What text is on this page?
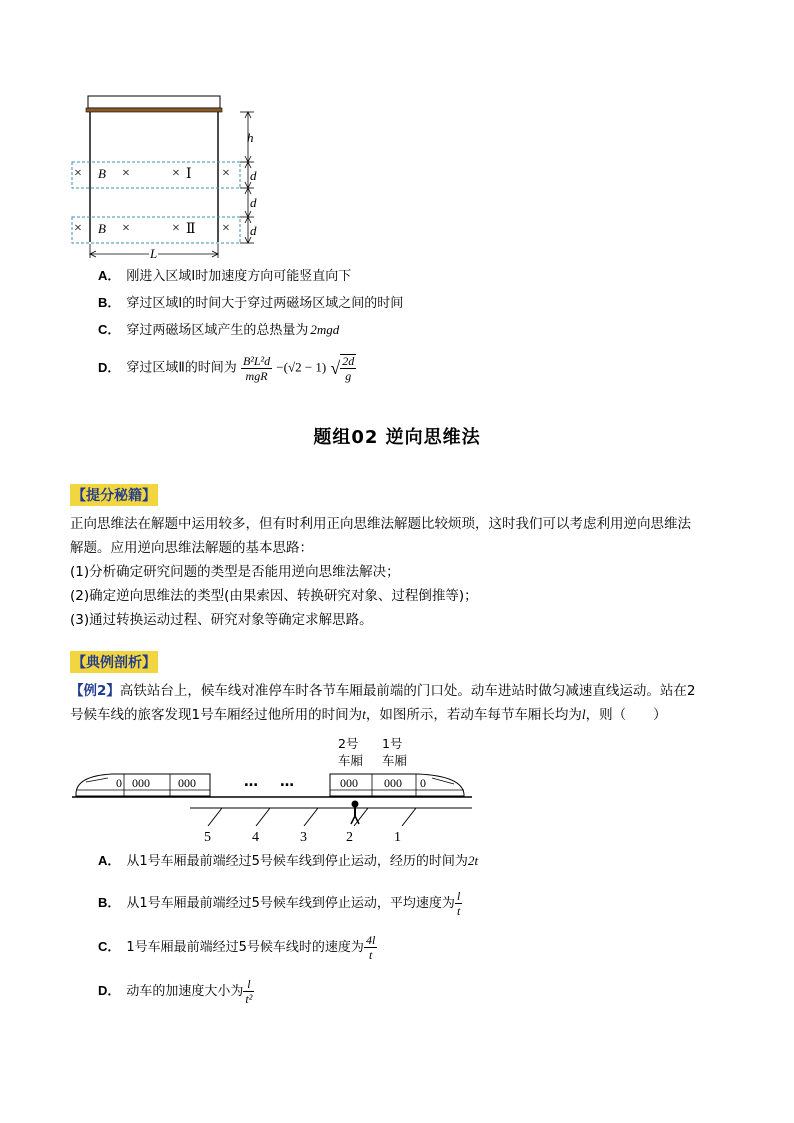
× B ×	× Ⅰ ×
× B ×	× Ⅱ ×
h
d
d
d
L
A． 刚进入区域Ⅰ时加速度方向可能竖直向下
B． 穿过区域Ⅰ的时间大于穿过两磁场区域之间的时间
C． 穿过两磁场区域产生的总热量为 2mgd
D． 穿过区域Ⅱ的时间为 $\frac{\text{B²L²d}}{\text{mgR}} -(√2 - 1)$ √ $\frac{2d}{g}$
题组02 逆向思维法
【提分秘籍】
正向思维法在解题中运用较多，但有时利用正向思维法解题比较烦琐，这时我们可以考虑利用逆向思维法
解题。应用逆向思维法解题的基本思路：
(1)分析确定研究问题的类型是否能用逆向思维法解决；
(2)确定逆向思维法的类型(由果索因、转换研究对象、过程倒推等)；
(3)通过转换运动过程、研究对象等确定求解思路。
【典例剖析】
【例2】高铁站台上，候车线对准停车时各节车厢最前端的门口处。动车进站时做匀减速直线运动。站在2
号候车线的旅客发现1号车厢经过他所用的时间为t，如图所示，若动车每节车厢长均为l，则（　　）
2号
车厢
1号
车厢
0 000 000	… …	000 000 0
5	4	3	2	1
A． 从1号车厢最前端经过5号候车线到停止运动，经历的时间为2t
B． 从1号车厢最前端经过5号候车线到停止运动，平均速度为 $\frac{l}{t}$
C． 1号车厢最前端经过5号候车线时的速度为 $\frac{4l}{t}$
D． 动车的加速度大小为 $\frac{l}{\text{t²}}$
